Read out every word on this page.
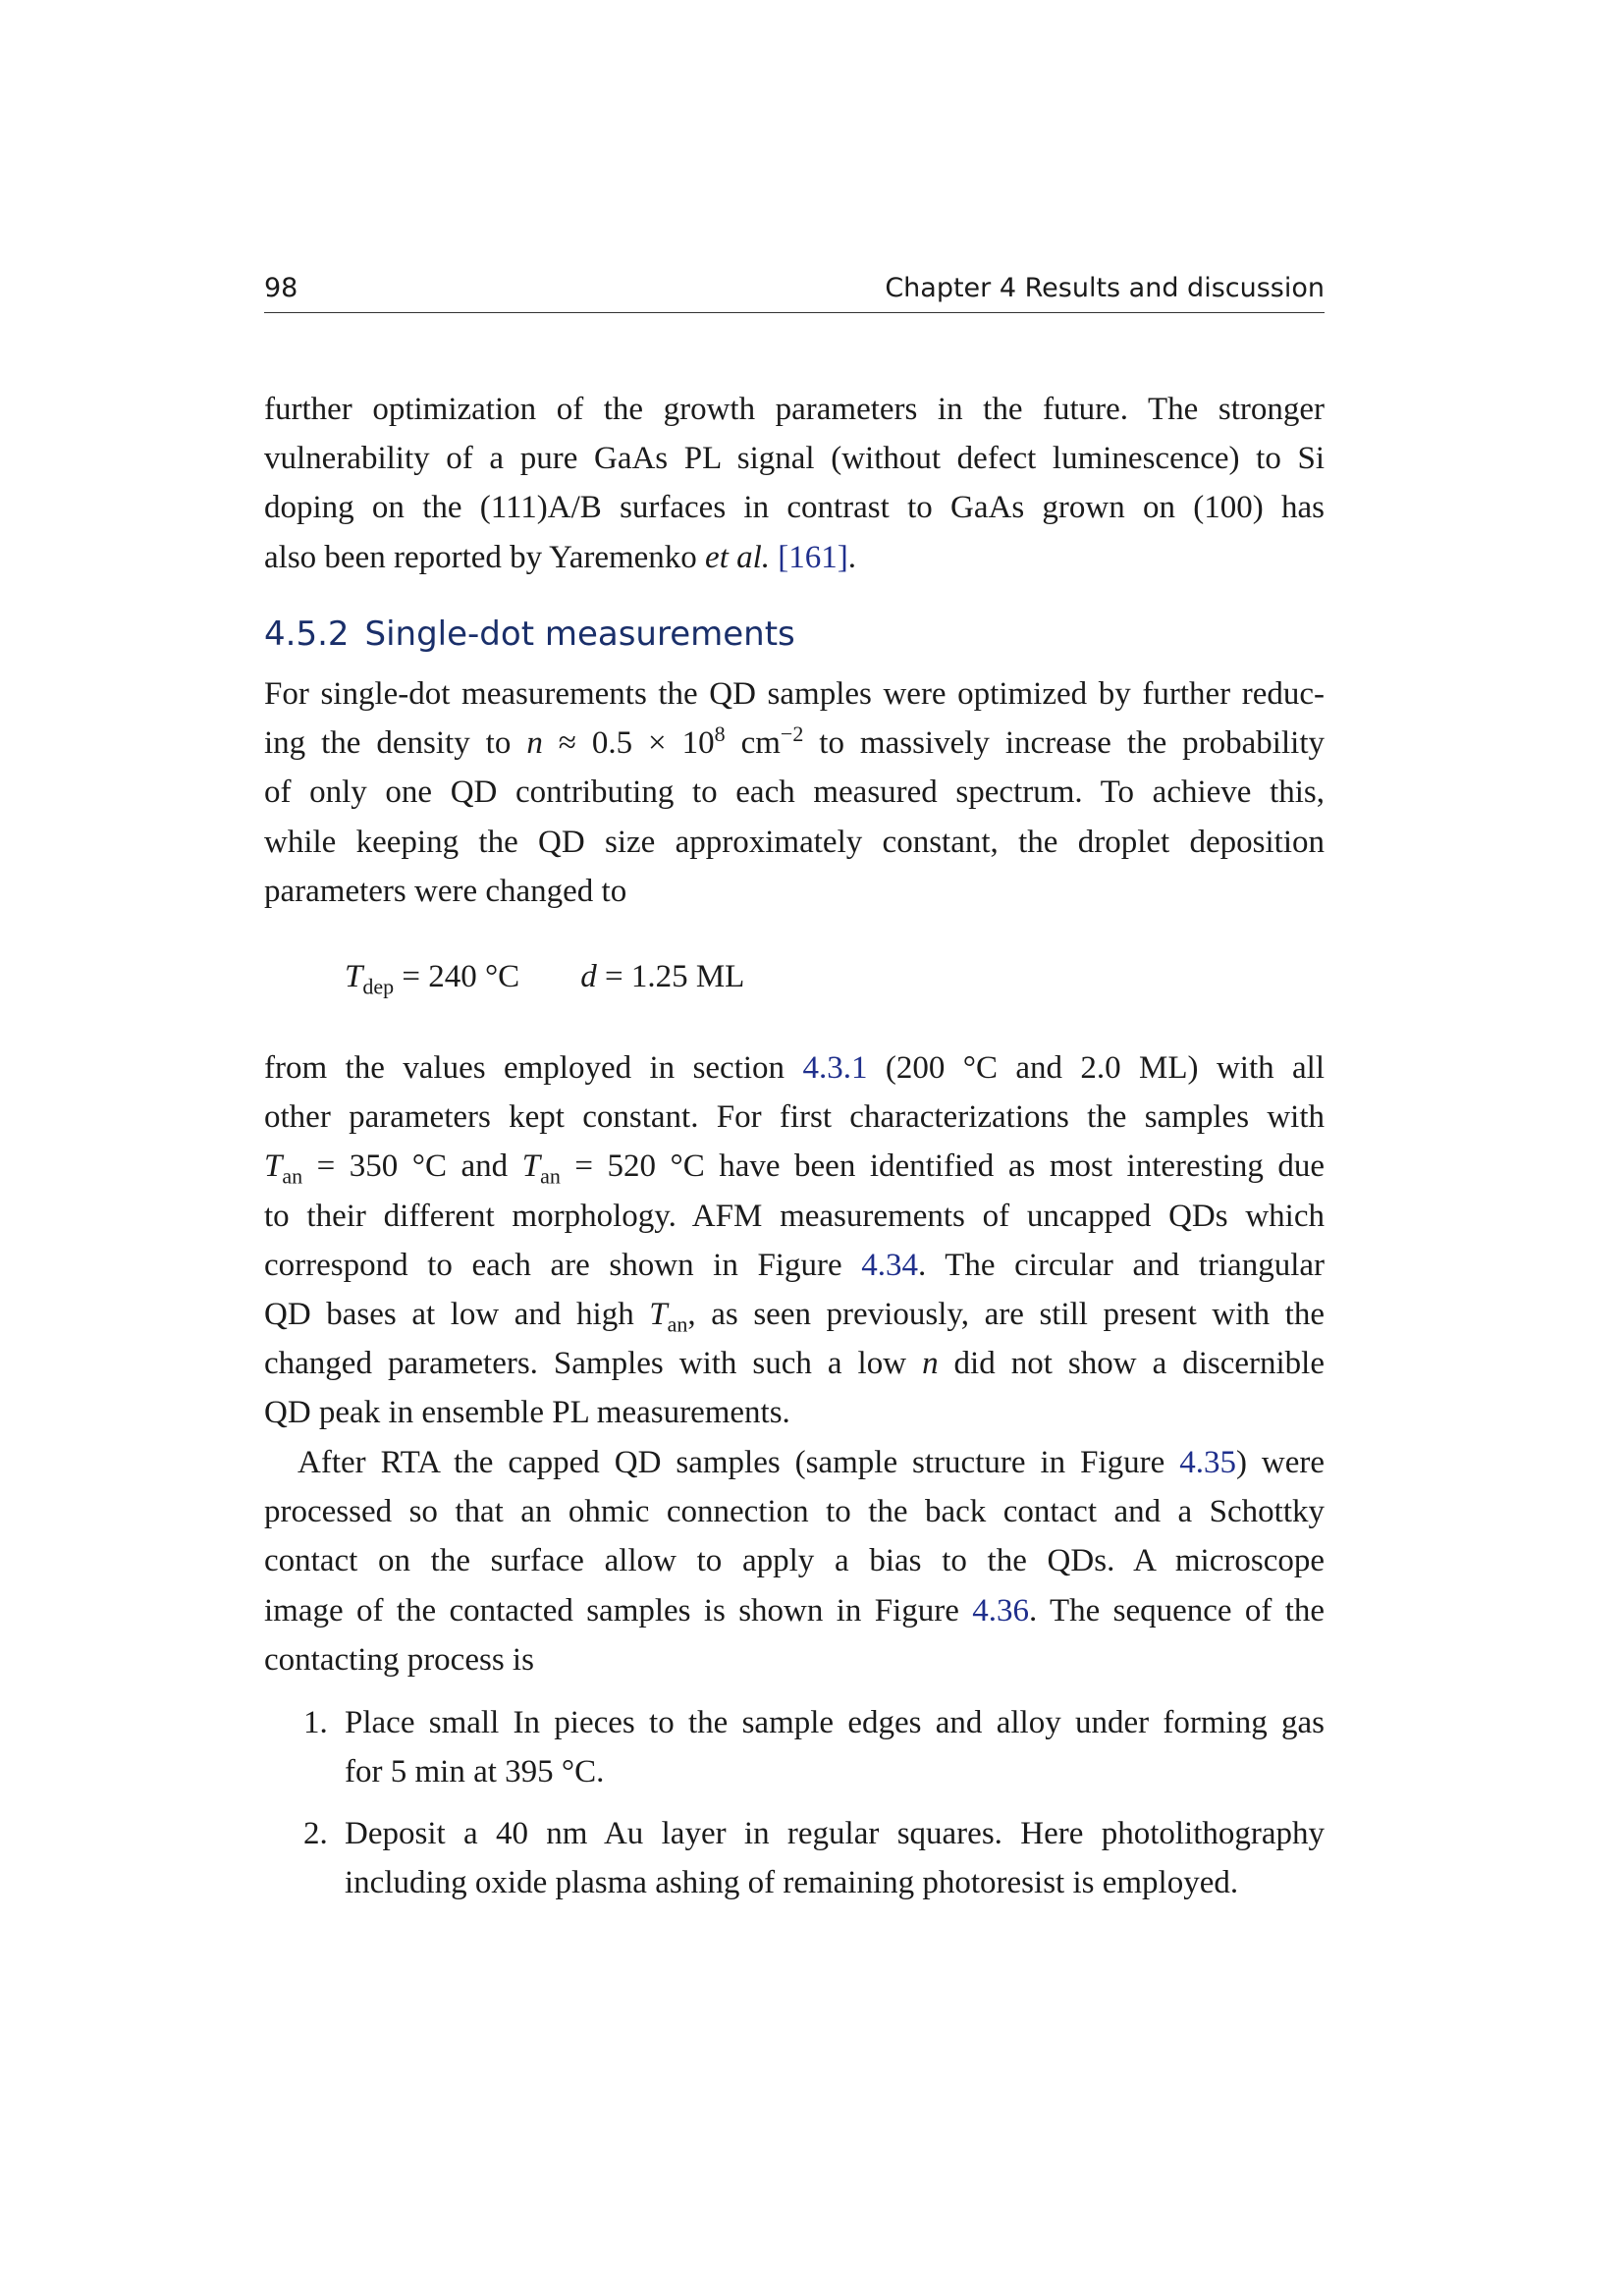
98	Chapter 4 Results and discussion
further optimization of the growth parameters in the future. The stronger
vulnerability of a pure GaAs PL signal (without defect luminescence) to Si
doping on the (111)A/B surfaces in contrast to GaAs grown on (100) has
also been reported by Yaremenko et al. [161].
4.5.2 Single-dot measurements
For single-dot measurements the QD samples were optimized by further reduc-
ing the density to $n \approx 0.5 \times 10^8$ $cm^{-2}$ to massively increase the probability
of only one QD contributing to each measured spectrum. To achieve this,
while keeping the QD size approximately constant, the droplet deposition
parameters were changed to
$T_{dep} = 240$ °C d = 1.25 ML
from the values employed in section 4.3.1 (200 °C and 2.0 ML) with all
other parameters kept constant. For first characterizations the samples with
$T_{an} = 350$ °C and $T_{an} = 520$ °C have been identified as most interesting due
to their different morphology. AFM measurements of uncapped QDs which
correspond to each are shown in Figure 4.34. The circular and triangular
QD bases at low and high $T_{an}$, as seen previously, are still present with the
changed parameters. Samples with such a low n did not show a discernible
QD peak in ensemble PL measurements.
After RTA the capped QD samples (sample structure in Figure 4.35) were
processed so that an ohmic connection to the back contact and a Schottky
contact on the surface allow to apply a bias to the QDs. A microscope
image of the contacted samples is shown in Figure 4.36. The sequence of the
contacting process is
1. Place small In pieces to the sample edges and alloy under forming gas
for 5 min at 395 °C.
2. Deposit a 40 nm Au layer in regular squares. Here photolithography
including oxide plasma ashing of remaining photoresist is employed.
